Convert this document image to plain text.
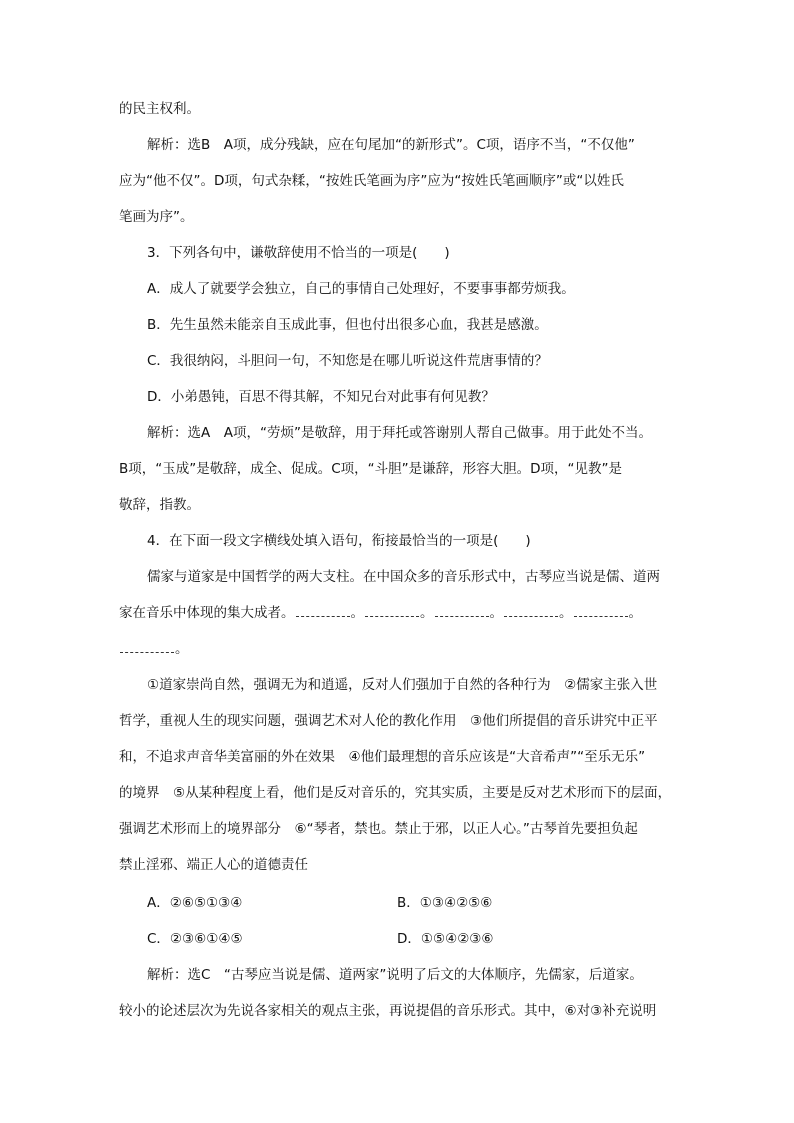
的民主权利。
解析：选B　A项，成分残缺，应在句尾加“的新形式”。C项，语序不当，“不仅他”
应为“他不仅”。D项，句式杂糅，“按姓氏笔画为序”应为“按姓氏笔画顺序”或“以姓氏
笔画为序”。
3．下列各句中，谦敬辞使用不恰当的一项是(　　)
A．成人了就要学会独立，自己的事情自己处理好，不要事事都劳烦我。
B．先生虽然未能亲自玉成此事，但也付出很多心血，我甚是感激。
C．我很纳闷，斗胆问一句，不知您是在哪儿听说这件荒唐事情的？
D．小弟愚钝，百思不得其解，不知兄台对此事有何见教？
解析：选A　A项，“劳烦”是敬辞，用于拜托或答谢别人帮自己做事。用于此处不当。
B项，“玉成”是敬辞，成全、促成。C项，“斗胆”是谦辞，形容大胆。D项，“见教”是
敬辞，指教。
4．在下面一段文字横线处填入语句，衔接最恰当的一项是(　　)
儒家与道家是中国哲学的两大支柱。在中国众多的音乐形式中，古琴应当说是儒、道两
家在音乐中体现的集大成者。	。	。	。	。	。
。
①道家崇尚自然，强调无为和逍遥，反对人们强加于自然的各种行为　②儒家主张入世
哲学，重视人生的现实问题，强调艺术对人伦的教化作用　③他们所提倡的音乐讲究中正平
和，不追求声音华美富丽的外在效果　④他们最理想的音乐应该是“大音希声”“至乐无乐”
的境界　⑤从某种程度上看，他们是反对音乐的，究其实质，主要是反对艺术形而下的层面，
强调艺术形而上的境界部分　⑥“琴者，禁也。禁止于邪，以正人心。”古琴首先要担负起
禁止淫邪、端正人心的道德责任
A．②⑥⑤①③④	B．①③④②⑤⑥
C．②③⑥①④⑤	D．①⑤④②③⑥
解析：选C　“古琴应当说是儒、道两家”说明了后文的大体顺序，先儒家，后道家。
较小的论述层次为先说各家相关的观点主张，再说提倡的音乐形式。其中，⑥对③补充说明
